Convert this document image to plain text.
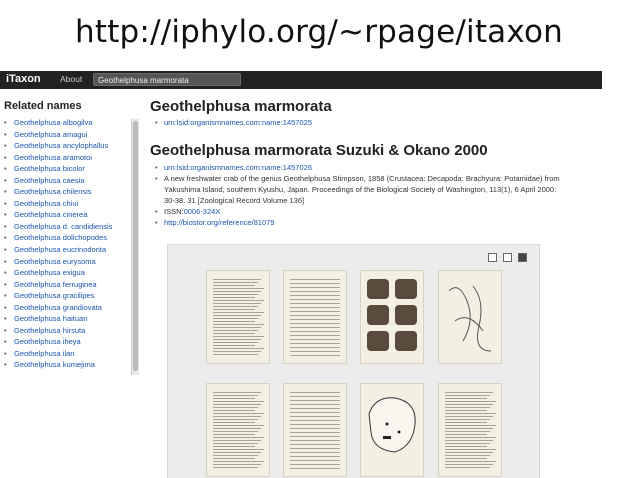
http://iphylo.org/~rpage/itaxon
iTaxon About	Geothelphusa marmorata
Related names
• Geothelphusa albogilva
• Geothelphusa amagui
• Geothelphusa ancylophallus
• Geothelphusa aramotoi
• Geothelphusa bicolor
• Geothelphusa caesia
• Geothelphusa chilensis
• Geothelphusa chiui
• Geothelphusa cinerea
• Geothelphusa d. candidiensis
• Geothelphusa dolichopodes
• Geothelphusa eucrinodonta
• Geothelphusa eurysoma
• Geothelphusa exigua
• Geothelphusa ferruginea
• Geothelphusa gracilipes
• Geothelphusa grandiovata
• Geothelphusa haituan
• Geothelphusa hirsuta
• Geothelphusa iheya
• Geothelphusa ilan
• Geothelphusa kumejima
Geothelphusa marmorata
• urn:lsid:organismnames.com:name:1457025
Geothelphusa marmorata Suzuki & Okano 2000
• urn:lsid:organismnames.com:name:1457026
• A new freshwater crab of the genus Geothelphusa Stimpson, 1858 (Crustacea: Decapoda: Brachyura: Potamidae) from
Yakushima Island, southern Kyushu, Japan. Proceedings of the Biological Society of Washington, 113(1), 6 April 2000:
30-38. 31 [Zoological Record Volume 136]
• ISSN:0006-324X
• http://biostor.org/reference/81079
